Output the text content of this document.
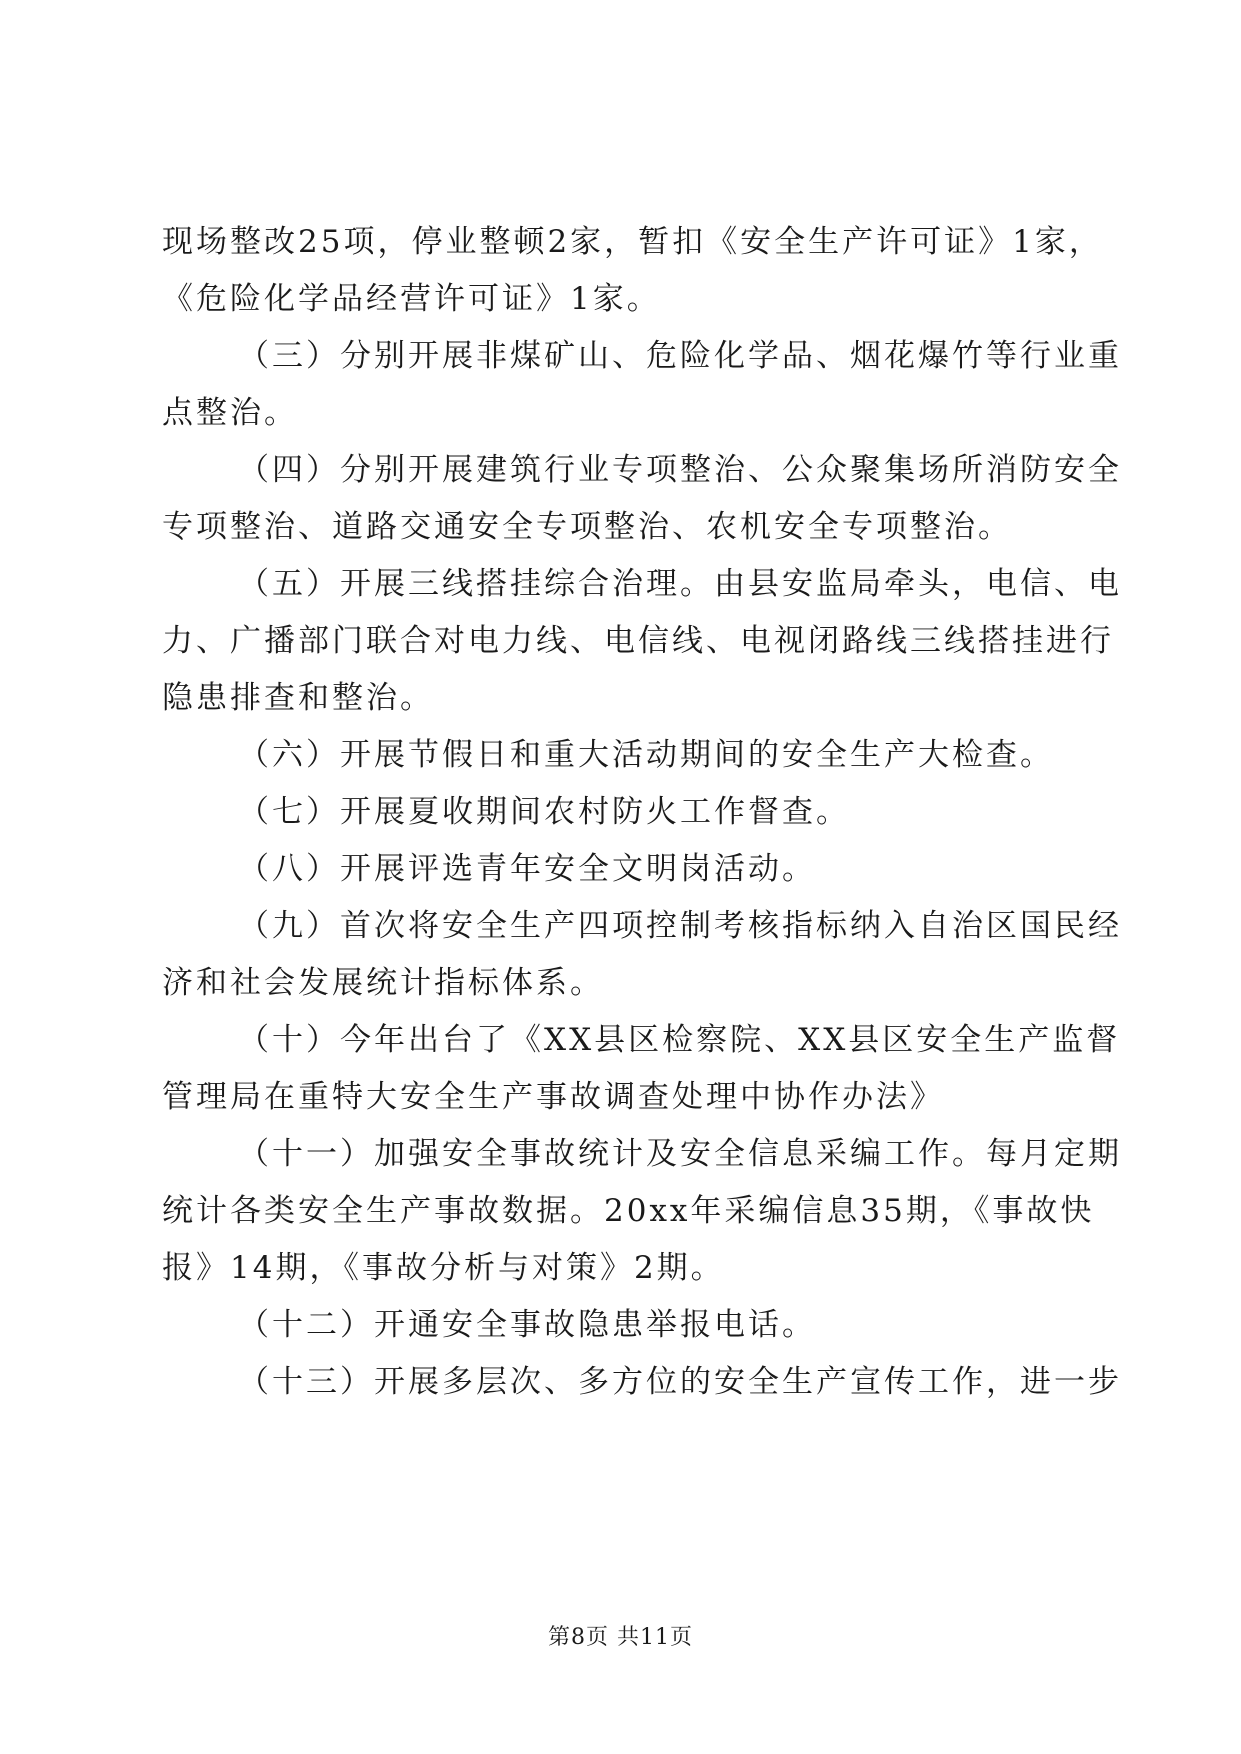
现场整改25项，停业整顿2家，暂扣《安全生产许可证》1家，
《危险化学品经营许可证》1家。
（三）分别开展非煤矿山、危险化学品、烟花爆竹等行业重
点整治。
（四）分别开展建筑行业专项整治、公众聚集场所消防安全
专项整治、道路交通安全专项整治、农机安全专项整治。
（五）开展三线搭挂综合治理。由县安监局牵头，电信、电
力、广播部门联合对电力线、电信线、电视闭路线三线搭挂进行
隐患排查和整治。
（六）开展节假日和重大活动期间的安全生产大检查。
（七）开展夏收期间农村防火工作督查。
（八）开展评选青年安全文明岗活动。
（九）首次将安全生产四项控制考核指标纳入自治区国民经
济和社会发展统计指标体系。
（十）今年出台了《XX县区检察院、XX县区安全生产监督
管理局在重特大安全生产事故调查处理中协作办法》
（十一）加强安全事故统计及安全信息采编工作。每月定期
统计各类安全生产事故数据。20xx年采编信息35期，《事故快
报》14期，《事故分析与对策》2期。
（十二）开通安全事故隐患举报电话。
（十三）开展多层次、多方位的安全生产宣传工作，进一步
第8页 共11页
